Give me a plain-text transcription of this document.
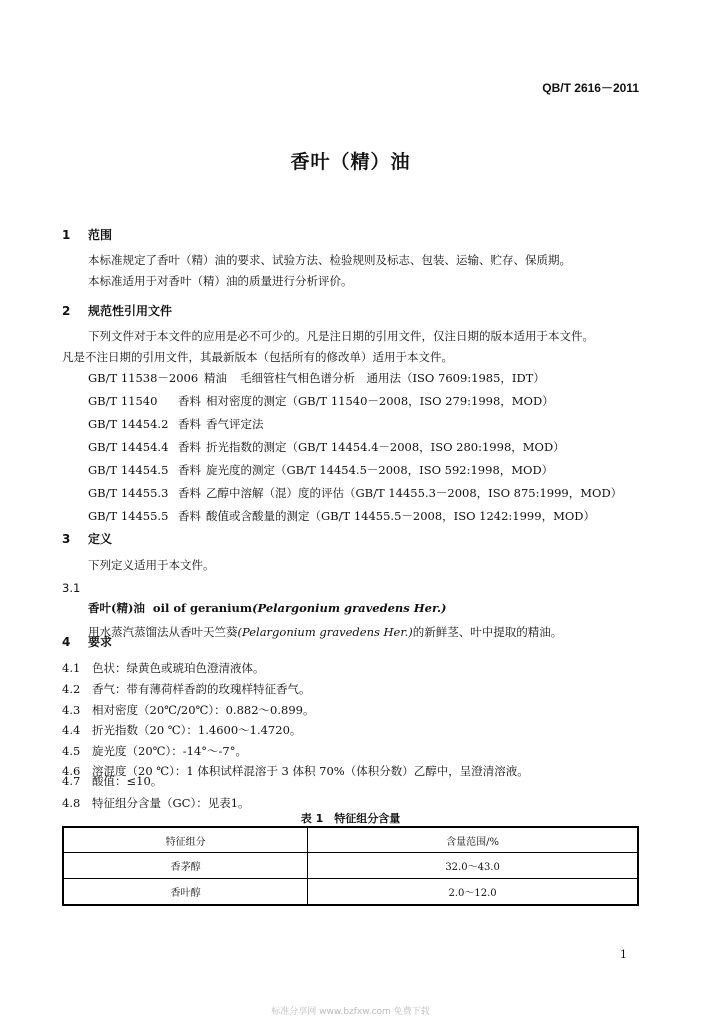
QB/T 2616－2011
香叶（精）油
1 范围
本标准规定了香叶（精）油的要求、试验方法、检验规则及标志、包装、运输、贮存、保质期。
本标准适用于对香叶（精）油的质量进行分析评价。
2 规范性引用文件
下列文件对于本文件的应用是必不可少的。凡是注日期的引用文件，仅注日期的版本适用于本文件。
凡是不注日期的引用文件，其最新版本（包括所有的修改单）适用于本文件。
GB/T 11538－2006 精油 毛细管柱气相色谱分析　通用法（ISO 7609:1985，IDT）
GB/T 11540 香料 相对密度的测定（GB/T 11540－2008，ISO 279:1998，MOD）
GB/T 14454.2 香料 香气评定法
GB/T 14454.4 香料 折光指数的测定（GB/T 14454.4－2008，ISO 280:1998，MOD）
GB/T 14454.5 香料 旋光度的测定（GB/T 14454.5－2008，ISO 592:1998，MOD）
GB/T 14455.3 香料 乙醇中溶解（混）度的评估（GB/T 14455.3－2008，ISO 875:1999，MOD）
GB/T 14455.5 香料 酸值或含酸量的测定（GB/T 14455.5－2008，ISO 1242:1999，MOD）
3 定义
下列定义适用于本文件。
3.1
香叶(精)油 oil of geranium(Pelargonium gravedens Her.)
用水蒸汽蒸馏法从香叶天竺葵(Pelargonium gravedens Her.)的新鲜茎、叶中提取的精油。
4 要求
4.1 色状：绿黄色或琥珀色澄清液体。
4.2 香气：带有薄荷样香韵的玫瑰样特征香气。
4.3 相对密度（20℃/20℃）：0.882～0.899。
4.4 折光指数（20 ℃）：1.4600～1.4720。
4.5 旋光度（20℃）：-14°～-7°。
4.6 溶混度（20 ℃）：1 体积试样混溶于 3 体积 70%（体积分数）乙醇中，呈澄清溶液。
4.7 酸值：≤10。
特征组分	含量范围/%
香茅醇	32.0～43.0
香叶醇	2.0～12.0
1
标准分享网 www.bzfxw.com 免费下载
4.8 特征组分含量（GC）：见表1。
表 1　特征组分含量
